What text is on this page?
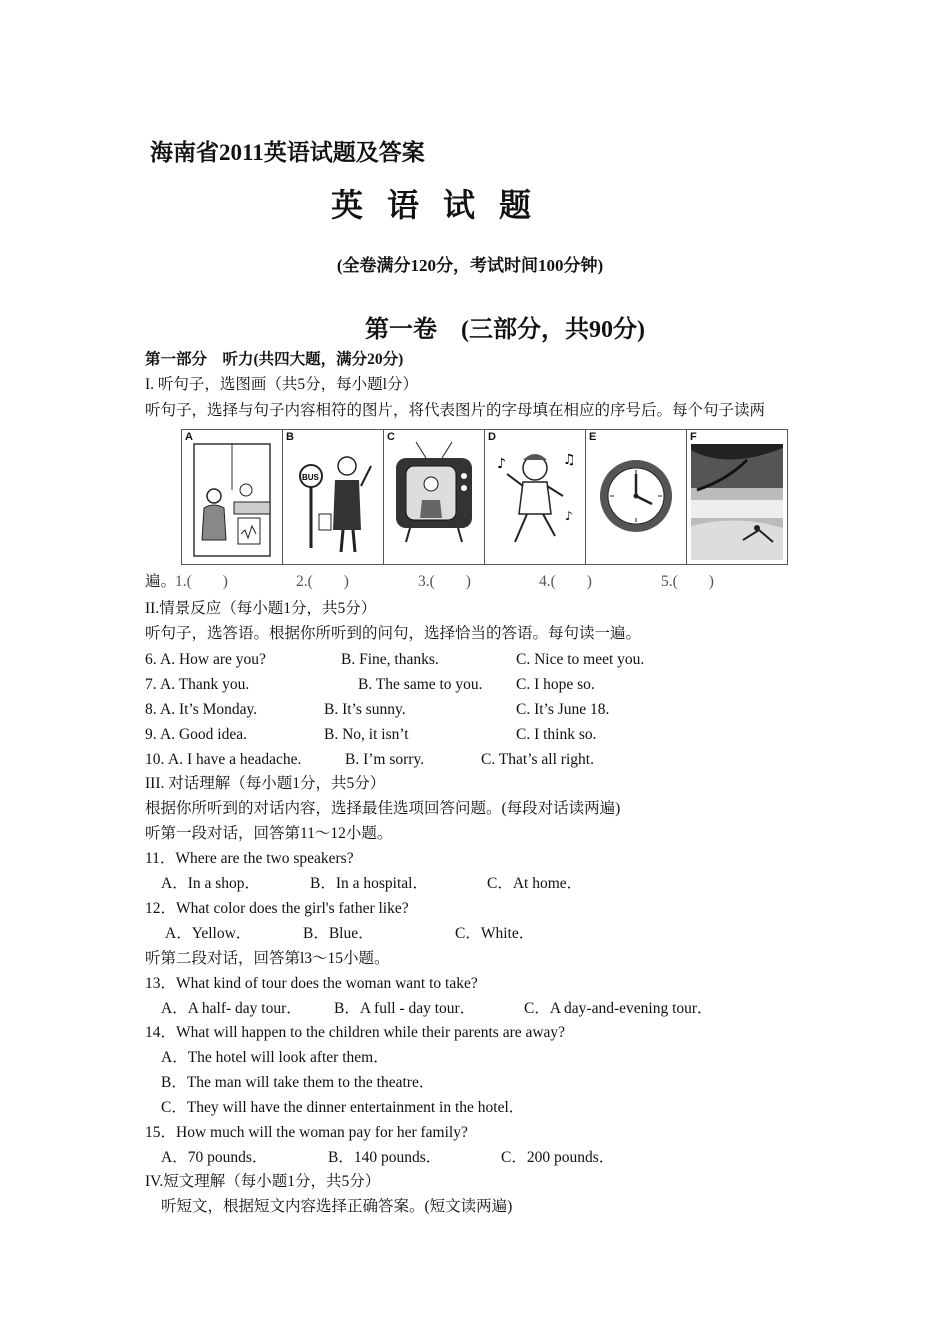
海南省2011英语试题及答案
英 语 试 题
(全卷满分120分，考试时间100分钟)
第一卷　(三部分，共90分)
第一部分　听力(共四大题，满分20分)
I. 听句子，选图画（共5分，每小题l分）
听句子，选择与句子内容相符的图片，将代表图片的字母填在相应的序号后。每个句子读两
A	B
BUS
C	D
♪	♫
♪
E	F
遍。
1.(　　)	2.(　　)	3.(　　)	4.(　　)	5.(　　)
II.情景反应（每小题1分，共5分）
听句子，选答语。根据你所听到的问句，选择恰当的答语。每句读一遍。
6. A. How are you?	B. Fine, thanks.	C. Nice to meet you.
7. A. Thank you.	B. The same to you. C. I hope so.
8. A. It’s Monday.	B. It’s sunny.	C. It’s June 18.
9. A. Good idea.	B. No, it isn’t	C. I think so.
10. A. I have a headache.	B. I’m sorry.	C. That’s all right.
III. 对话理解（每小题1分，共5分）
根据你所听到的对话内容，选择最佳选项回答问题。(每段对话读两遍)
听第一段对话，回答第11～12小题。
11．Where are the two speakers?
A．In a shop．	B．In a hospital．	C．At home．
12．What color does the girl's father like?
A．Yellow．	B．Blue．	C．White．
听第二段对话，回答第l3～15小题。
13．What kind of tour does the woman want to take?
A．A half- day tour． B．A full - day tour．	C．A day-and-evening tour．
14．What will happen to the children while their parents are away?
A．The hotel will look after them．
B．The man will take them to the theatre．
C．They will have the dinner entertainment in the hotel．
15．How much will the woman pay for her family?
A．70 pounds．	B．140 pounds．	C．200 pounds．
IV.短文理解（每小题1分，共5分）
听短文，根据短文内容选择正确答案。(短文读两遍)
